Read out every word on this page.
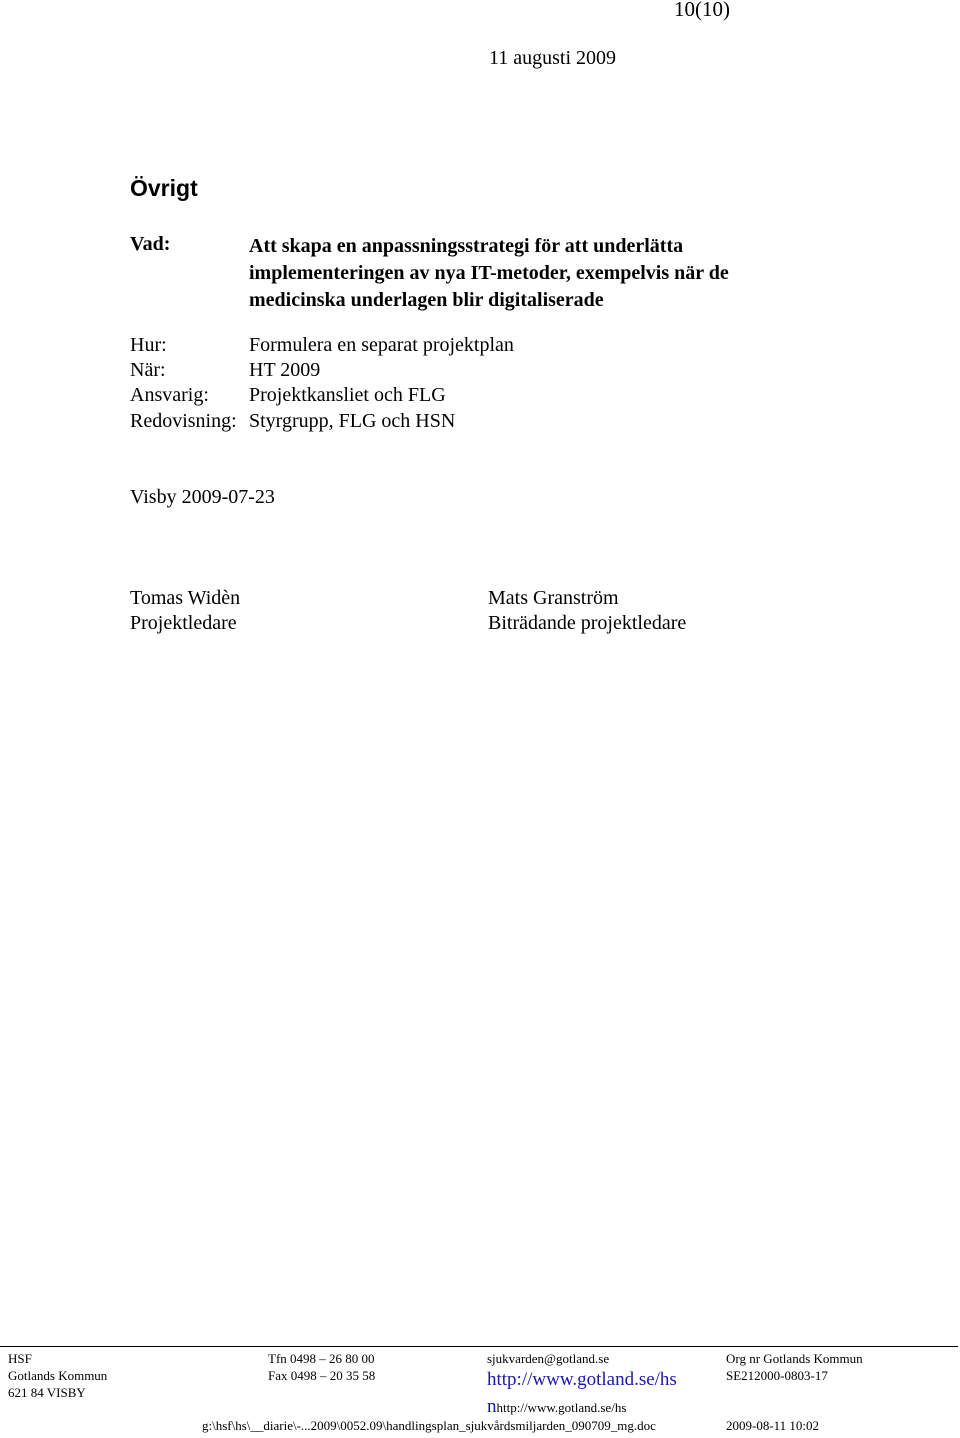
10(10)
11 augusti 2009
Övrigt
Vad:	Att skapa en anpassningsstrategi för att underlätta
implementeringen av nya IT-metoder, exempelvis när de
medicinska underlagen blir digitaliserade
Hur:	Formulera en separat projektplan
När:	HT 2009
Ansvarig: Projektkansliet och FLG
Redovisning: Styrgrupp, FLG och HSN
Visby 2009-07-23
Tomas Widèn
Projektledare
Mats Granström
Biträdande projektledare
HSF
Gotlands Kommun
621 84 VISBY
Tfn 0498 – 26 80 00
Fax 0498 – 20 35 58
sjukvarden@gotland.se
http://www.gotland.se/hs
nhttp://www.gotland.se/hs
Org nr Gotlands Kommun
SE212000-0803-17
g:\hsf\hs\__diarie\-...2009\0052.09\handlingsplan_sjukvårdsmiljarden_090709_mg.doc	2009-08-11 10:02
